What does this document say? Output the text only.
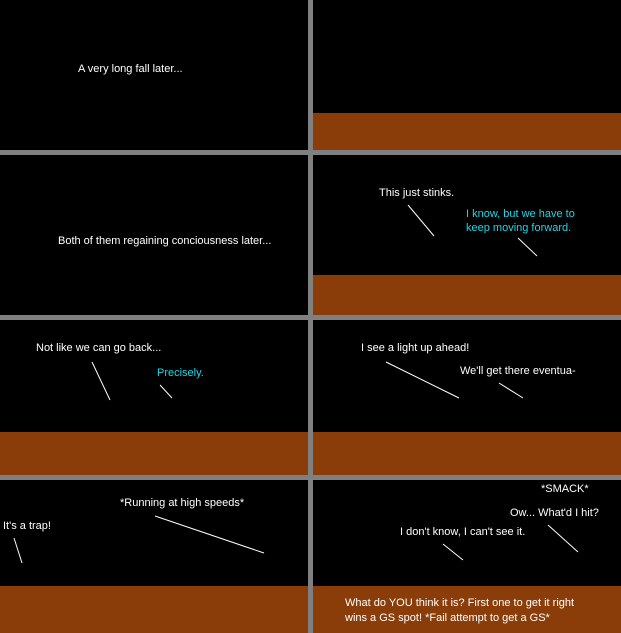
A very long fall later...
Both of them regaining conciousness later...
This just stinks.
I know, but we have to
keep moving forward.
Not like we can go back...
Precisely.
I see a light up ahead!
We'll get there eventua-
*Running at high speeds*
It's a trap!
*SMACK*
Ow... What'd I hit?
I don't know, I can't see it.
What do YOU think it is? First one to get it right
wins a GS spot! *Fail attempt to get a GS*
